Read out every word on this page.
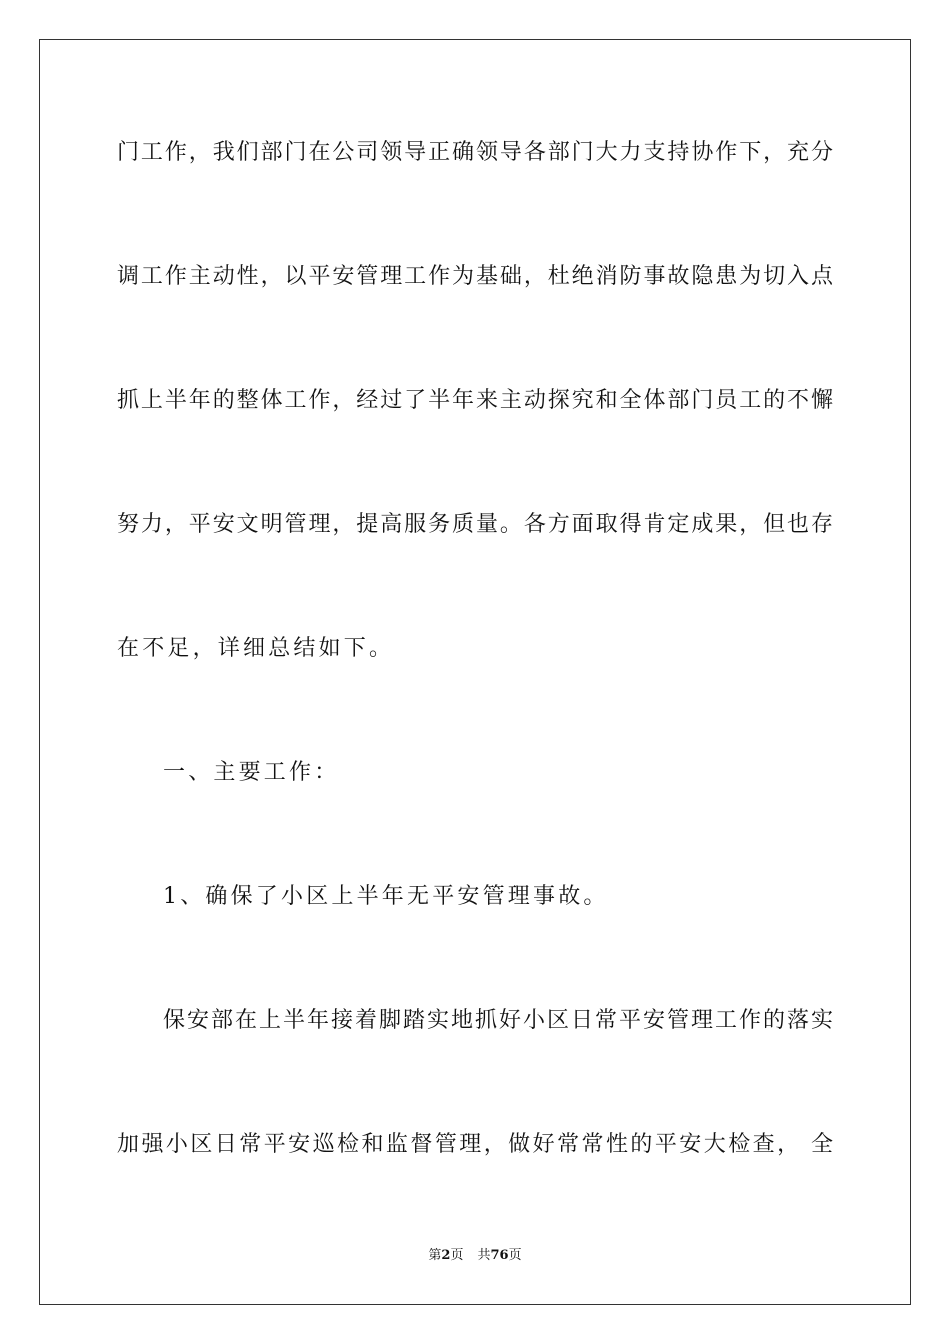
门工作，我们部门在公司领导正确领导各部门大力支持协作下，充分
调工作主动性，以平安管理工作为基础，杜绝消防事故隐患为切入点
抓上半年的整体工作，经过了半年来主动探究和全体部门员工的不懈
努力，平安文明管理，提高服务质量。各方面取得肯定成果，但也存
在不足，详细总结如下。
一、主要工作：
1、确保了小区上半年无平安管理事故。
保安部在上半年接着脚踏实地抓好小区日常平安管理工作的落实
加强小区日常平安巡检和监督管理，做好常常性的平安大检查， 全
第2页 共76页
